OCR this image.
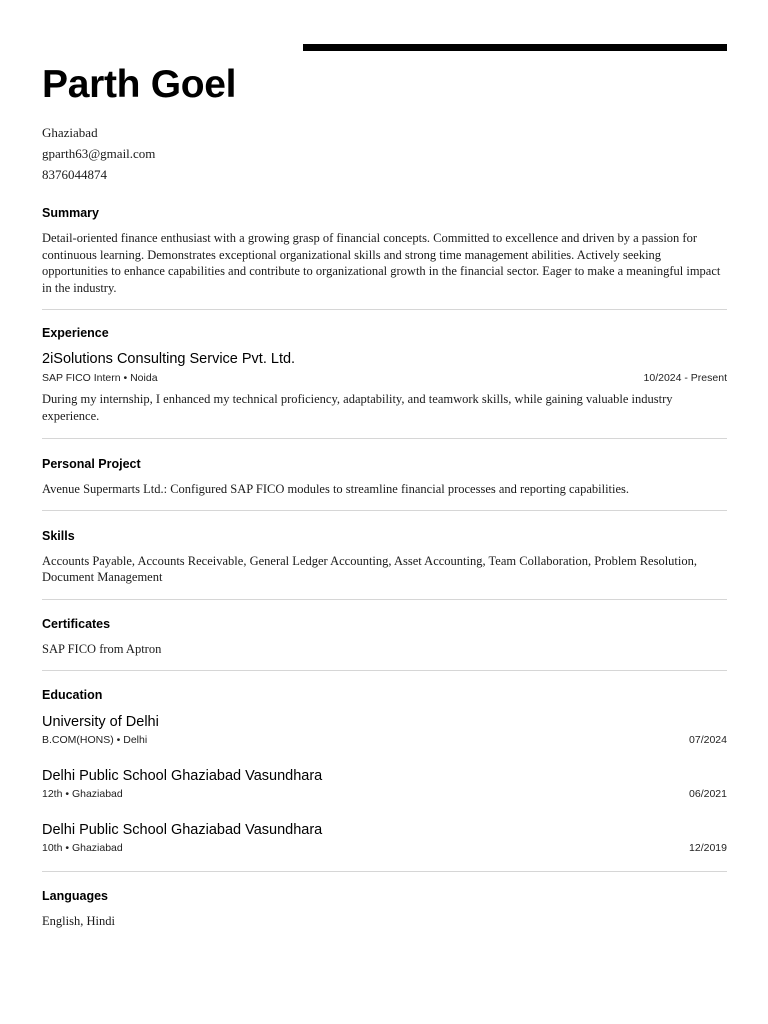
Parth Goel
Ghaziabad
gparth63@gmail.com
8376044874
Summary

Detail-oriented finance enthusiast with a growing grasp of financial concepts. Committed to excellence and driven by a passion for continuous learning. Demonstrates exceptional organizational skills and strong time management abilities. Actively seeking opportunities to enhance capabilities and contribute to organizational growth in the financial sector. Eager to make a meaningful impact in the industry.

Experience
2iSolutions Consulting Service Pvt. Ltd.
SAP FICO Intern • Noida	10/2024 - Present

During my internship, I enhanced my technical proficiency, adaptability, and teamwork skills, while gaining valuable industry experience.

Personal Project

Avenue Supermarts Ltd.: Configured SAP FICO modules to streamline financial processes and reporting capabilities.

Skills

Accounts Payable, Accounts Receivable, General Ledger Accounting, Asset Accounting, Team Collaboration, Problem Resolution, Document Management

Certificates

SAP FICO from Aptron

Education
University of Delhi
B.COM(HONS) • Delhi	07/2024
Delhi Public School Ghaziabad Vasundhara
12th • Ghaziabad	06/2021
Delhi Public School Ghaziabad Vasundhara
10th • Ghaziabad	12/2019
Languages

English, Hindi
